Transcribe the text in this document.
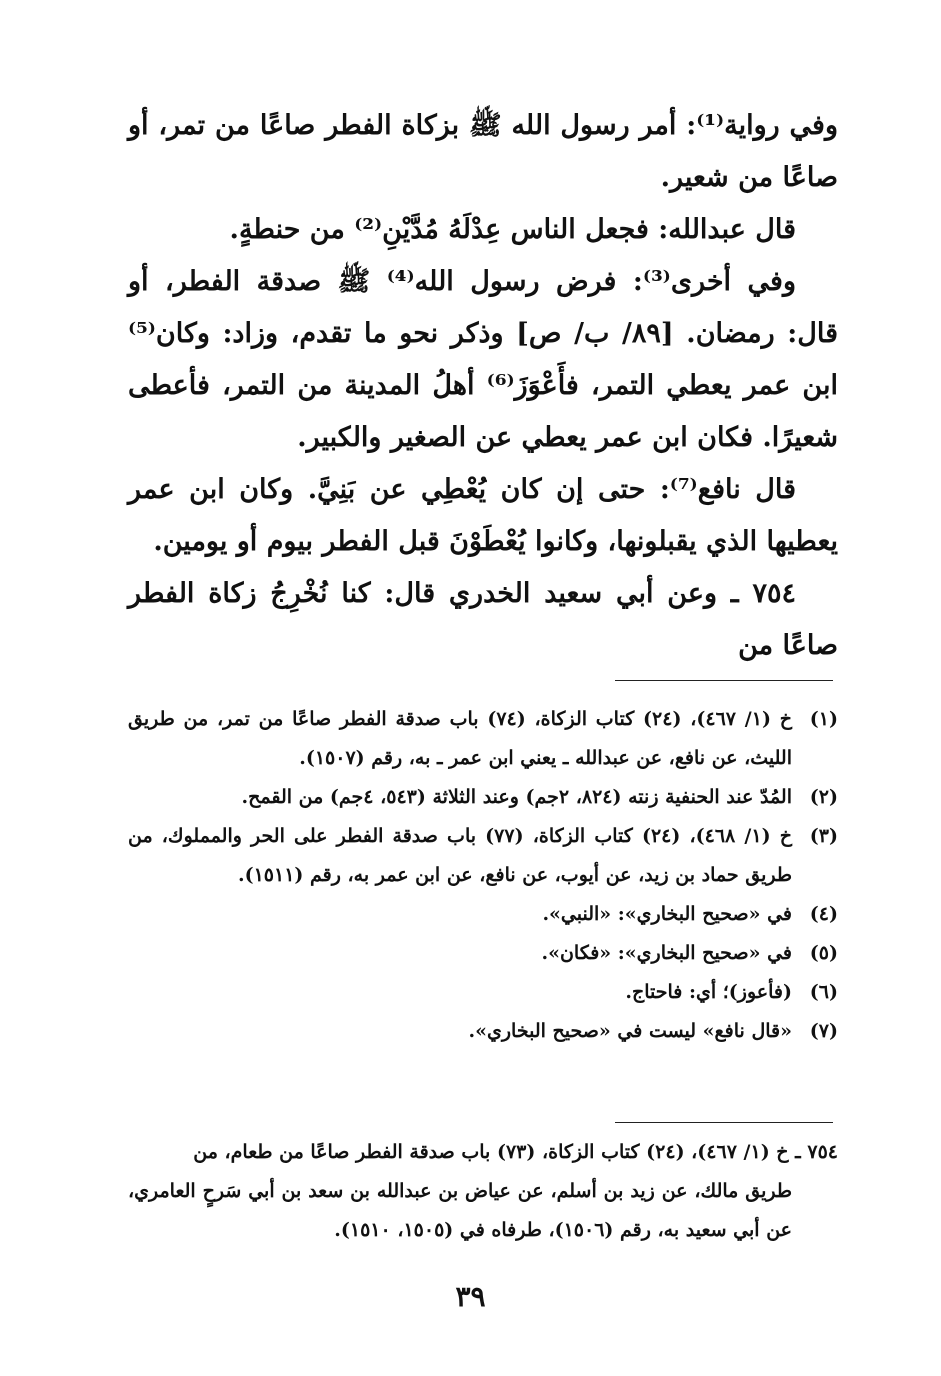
وفي رواية⁽¹⁾: أمر رسول الله ﷺ بزكاة الفطر صاعًا من تمر، أو صاعًا من شعير.

قال عبدالله: فجعل الناس عِدْلَهُ مُدَّيْنِ⁽²⁾ من حنطةٍ.

وفي أخرى⁽³⁾: فرض رسول الله⁽⁴⁾ ﷺ صدقة الفطر، أو قال: رمضان. [٨٩/ ب/ ص] وذكر نحو ما تقدم، وزاد: وكان⁽⁵⁾ ابن عمر يعطي التمر، فأَعْوَزَ⁽⁶⁾ أهلُ المدينة من التمر، فأعطى شعيرًا. فكان ابن عمر يعطي عن الصغير والكبير.

قال نافع⁽⁷⁾: حتى إن كان يُعْطِي عن بَنِيَّ. وكان ابن عمر يعطيها الذي يقبلونها، وكانوا يُعْطَوْنَ قبل الفطر بيوم أو يومين.

٧٥٤ ـ وعن أبي سعيد الخدري قال: كنا نُخْرِجُ زكاة الفطر صاعًا من

(١)
خ (١/ ٤٦٧)، (٢٤) كتاب الزكاة، (٧٤) باب صدقة الفطر صاعًا من تمر، من طريق الليث، عن نافع، عن عبدالله ـ يعني ابن عمر ـ به، رقم (١٥٠٧).
(٢)
المُدّ عند الحنفية زنته (٨٢٤، ٢جم) وعند الثلاثة (٥٤٣، ٤جم) من القمح.
(٣)
خ (١/ ٤٦٨)، (٢٤) كتاب الزكاة، (٧٧) باب صدقة الفطر على الحر والمملوك، من طريق حماد بن زيد، عن أيوب، عن نافع، عن ابن عمر به، رقم (١٥١١).
(٤)
في «صحيح البخاري»: «النبي».
(٥)
في «صحيح البخاري»: «فكان».
(٦)
(فأعوز)؛ أي: فاحتاج.
(٧)
«قال نافع» ليست في «صحيح البخاري».
٧٥٤ ـ خ (١/ ٤٦٧)، (٢٤) كتاب الزكاة، (٧٣) باب صدقة الفطر صاعًا من طعام، من
طريق مالك، عن زيد بن أسلم، عن عياض بن عبدالله بن سعد بن أبي سَرحٍ العامري، عن أبي سعيد به، رقم (١٥٠٦)، طرفاه في (١٥٠٥، ١٥١٠).
٣٩
